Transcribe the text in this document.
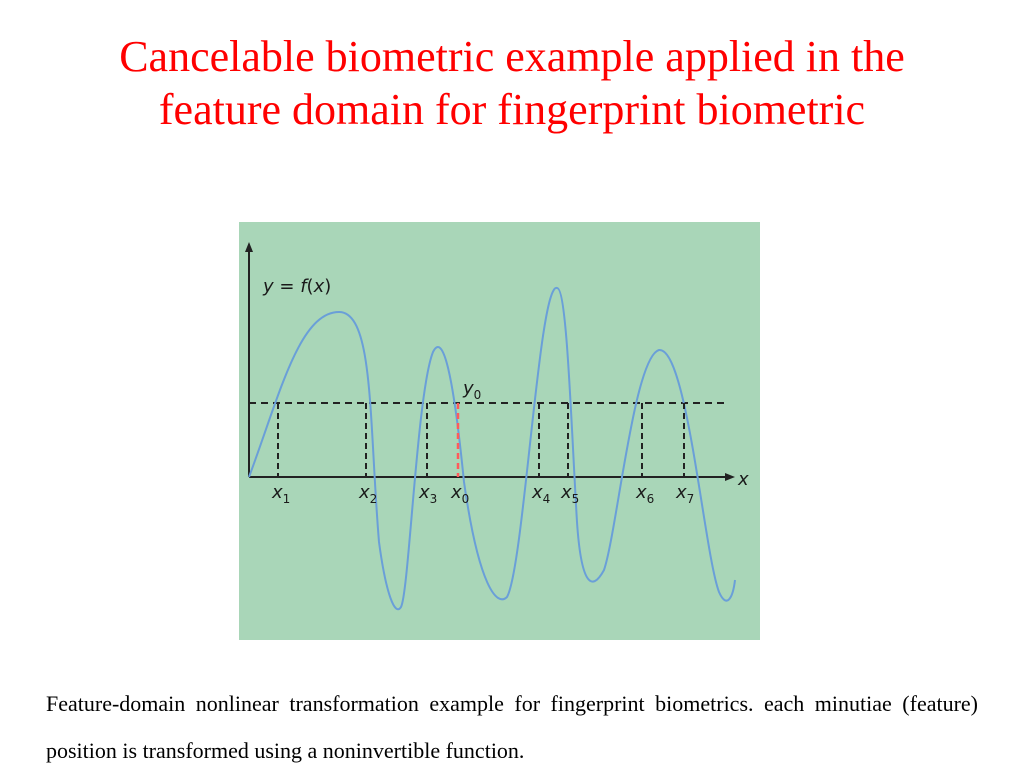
Cancelable biometric example applied in the
feature domain for fingerprint biometric
y = f(x)
$y_0$
x
$x_1$	$x_2$ $x_3$ $x_0$	$x_4$ $x_5$	$x_6$ $x_7$

Feature-domain nonlinear transformation example for fingerprint biometrics. each minutiae (feature) position is transformed using a noninvertible function.
